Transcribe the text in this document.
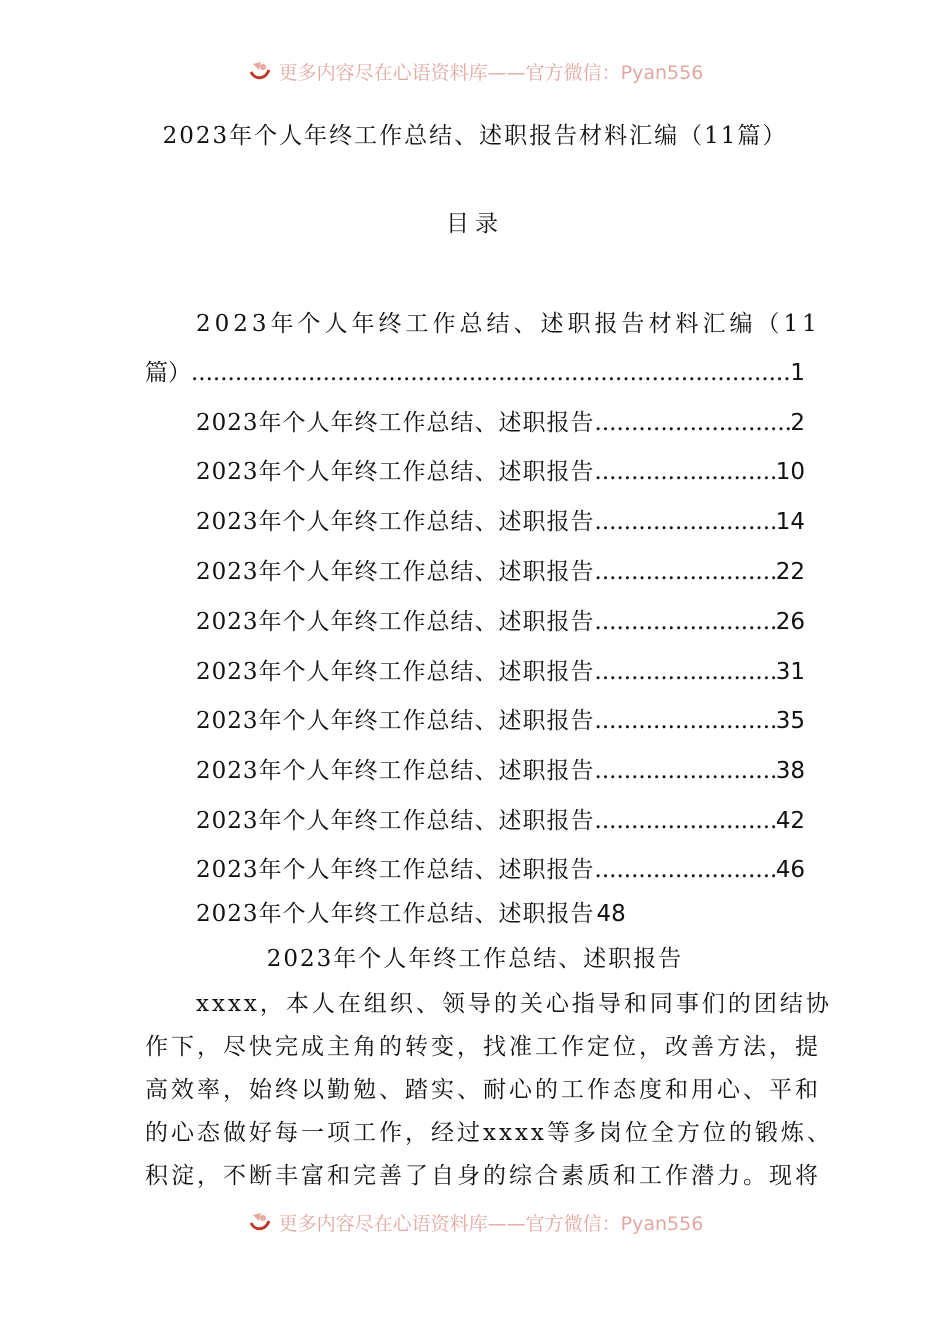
更多内容尽在心语资料库——官方微信：Pyan556
2023年个人年终工作总结、述职报告材料汇编（11篇）
目录
2023年个人年终工作总结、述职报告材料汇编（11
篇） .....	1
2023年个人年终工作总结、述职报告 .....	2
2023年个人年终工作总结、述职报告 .....	10
2023年个人年终工作总结、述职报告 .....	14
2023年个人年终工作总结、述职报告 .....	22
2023年个人年终工作总结、述职报告 .....	26
2023年个人年终工作总结、述职报告 .....	31
2023年个人年终工作总结、述职报告 .....	35
2023年个人年终工作总结、述职报告 .....	38
2023年个人年终工作总结、述职报告 .....	42
2023年个人年终工作总结、述职报告 .....	46
2023年个人年终工作总结、述职报告48
2023年个人年终工作总结、述职报告
xxxx，本人在组织、领导的关心指导和同事们的团结协
作下，尽快完成主角的转变，找准工作定位，改善方法，提
高效率，始终以勤勉、踏实、耐心的工作态度和用心、平和
的心态做好每一项工作，经过xxxx等多岗位全方位的锻炼、
积淀，不断丰富和完善了自身的综合素质和工作潜力。现将
更多内容尽在心语资料库——官方微信：Pyan556
